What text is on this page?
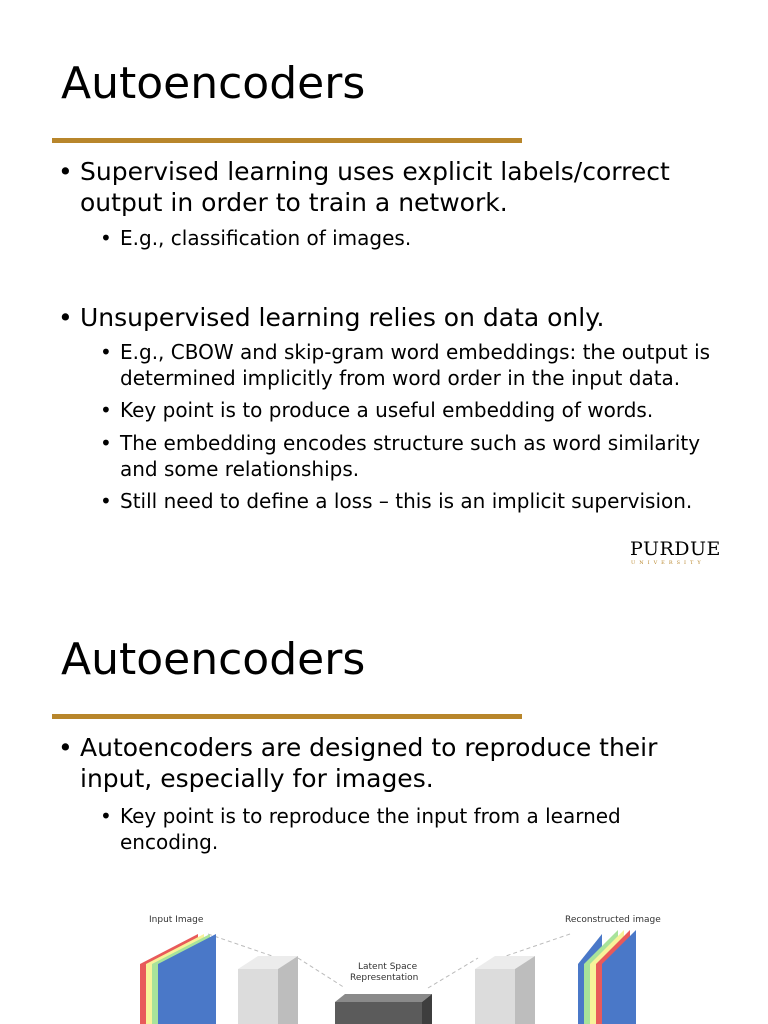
Autoencoders
• Supervised learning uses explicit labels/correct output in order to train a network.
• E.g., classification of images.
• Unsupervised learning relies on data only.
• E.g., CBOW and skip-gram word embeddings: the output is determined implicitly from word order in the input data.
• Key point is to produce a useful embedding of words.
• The embedding encodes structure such as word similarity and some relationships.
• Still need to define a loss – this is an implicit supervision.
PURDUE
UNIVERSITY
Autoencoders
• Autoencoders are designed to reproduce their input, especially for images.
• Key point is to reproduce the input from a learned encoding.
Input Image	Reconstructed image
Latent Space
Representation
